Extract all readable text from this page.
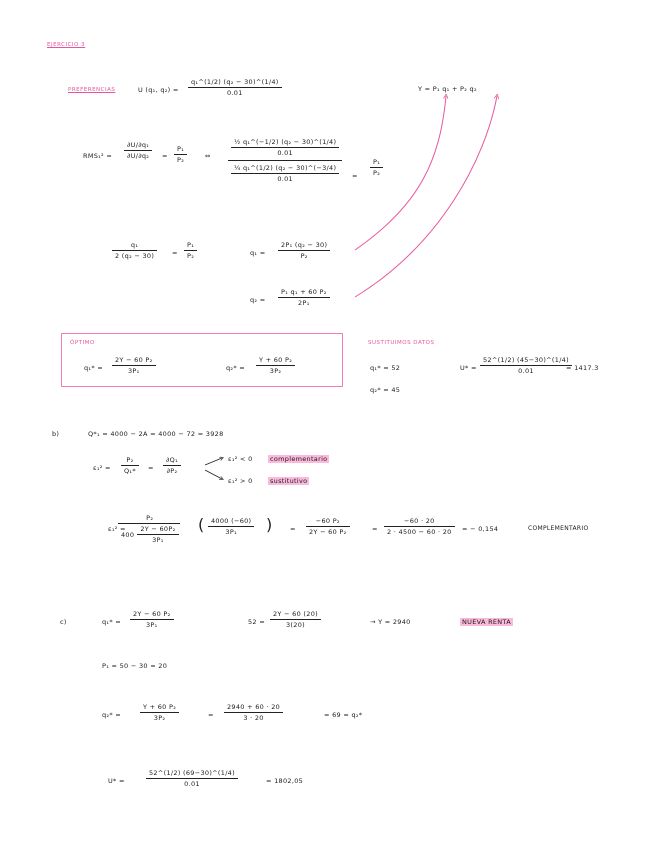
EJERCICIO 3
PREFERENCIAS	U (q₁, q₂) =
q₁^(1/2) (q₂ − 30)^(1/4)
0.01	Y = P₁ q₁ + P₂ q₂
RMS₁² =
∂U/∂q₁
∂U/∂q₂	=
P₁
P₂	⇔	$\frac{\text{½ q₁\textasciicircum{}(−1/2) (q₂ − 30)\textasciicircum{}(1/4)}}{0.01}$
$\frac{\text{¼ q₁\textasciicircum{}(1/2) (q₂ − 30)\textasciicircum{}(−3/4)}}{0.01}$ =
P₁
P₂
q₁
2 (q₂ − 30)	=
P₁
P₂	q₁ =
2P₁ (q₂ − 30)
P₂
q₂ =
P₁ q₁ + 60 P₂
2P₁
ÓPTIMO
q₁* =
2Y − 60 P₂
3P₁	q₂* =
Y + 60 P₂
3P₂
SUSTITUIMOS DATOS
q₁* = 52
q₂* = 45
U* =
52^(1/2) (45−30)^(1/4)
0.01	= 1417.3
b)	Q*₁ = 4000 − 2A = 4000 − 72 = 3928
ε₁² =
P₂
Q₁*	=
∂Q₁
∂P₂
ε₁² < 0	complementario
ε₁² > 0	sustitutivo
ε₁² =
P₂
$400 \frac{\text{2Y − 60P₂}}{\text{3P₁}}$
(	4000 (−60)
3P₁ )	=
−60 P₂
2Y − 60 P₂	=
−60 · 20
2 · 4500 − 60 · 20	= − 0,154	COMPLEMENTARIO
c)	q₁* =
2Y − 60 P₂
3P₁	52 =
2Y − 60 (20)
3(20)	→ Y = 2940	NUEVA RENTA
P₁ = 50 − 30 = 20
q₂* =
Y + 60 P₂
3P₂	=
2940 + 60 · 20
3 · 20	= 69 = q₂*
U* =
52^(1/2) (69−30)^(1/4)
0.01	= 1802,05
